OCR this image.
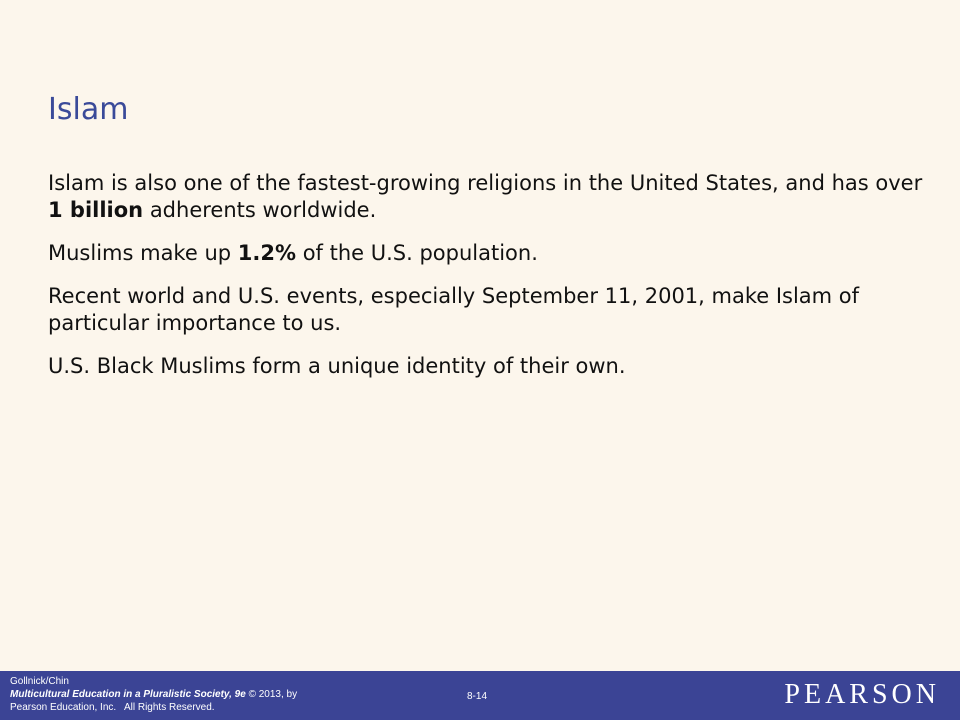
Islam

Islam is also one of the fastest-growing religions in the United States, and has over 1 billion adherents worldwide.

Muslims make up 1.2% of the U.S. population.

Recent world and U.S. events, especially September 11, 2001, make Islam of particular importance to us.

U.S. Black Muslims form a unique identity of their own.

Gollnick/Chin
Multicultural Education in a Pluralistic Society, 9e © 2013, by
Pearson Education, Inc.   All Rights Reserved.
8-14	PEARSON
